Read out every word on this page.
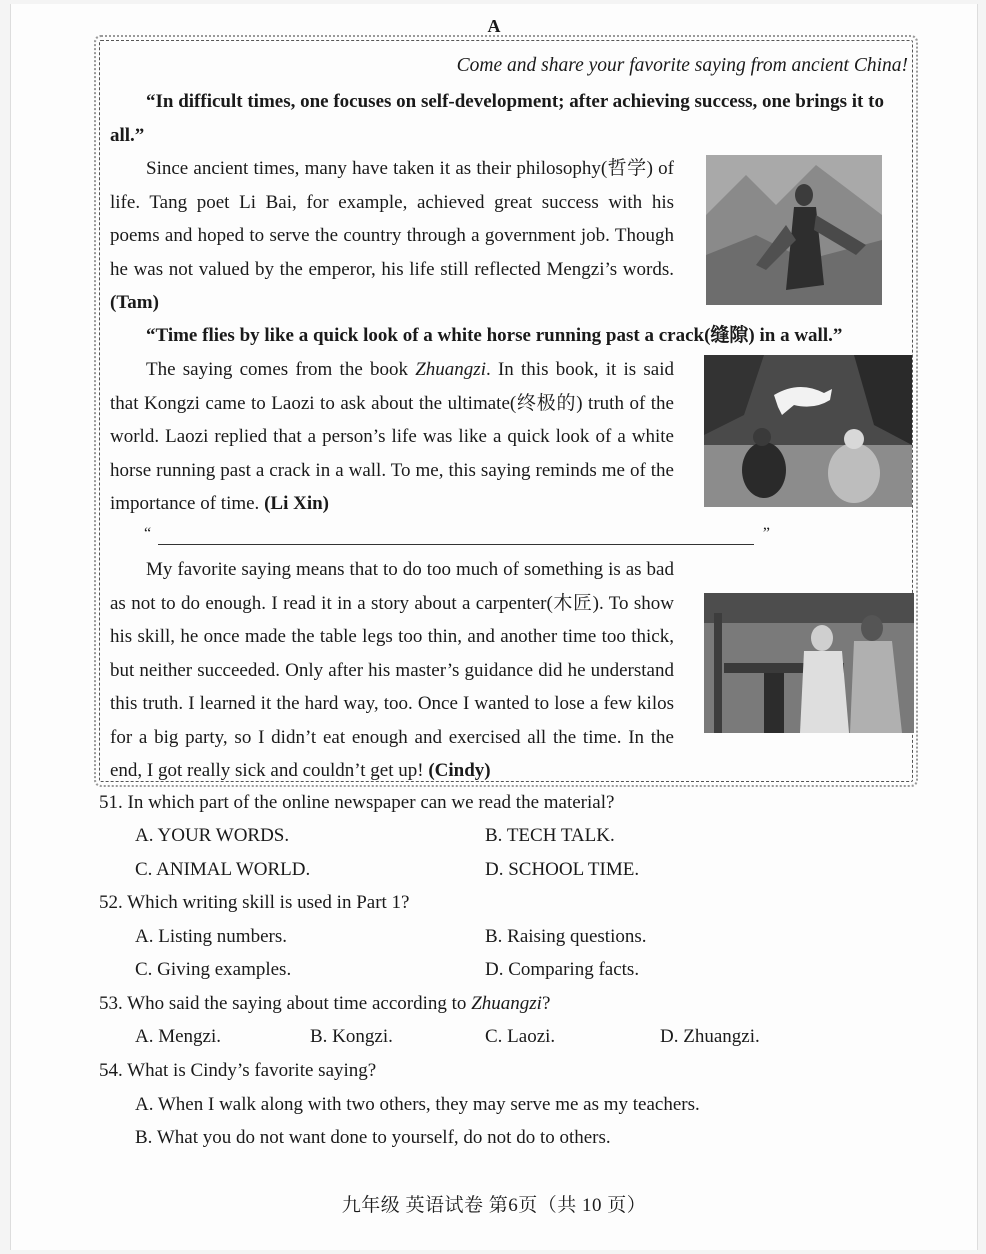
A
Come and share your favorite saying from ancient China!
“In difficult times, one focuses on self-development; after achieving success, one brings it to all.”
Since ancient times, many have taken it as their philosophy(哲学) of life. Tang poet Li Bai, for example, achieved great success with his poems and hoped to serve the country through a government job. Though he was not valued by the emperor, his life still reflected Mengzi’s words. (Tam)
“Time flies by like a quick look of a white horse running past a crack(缝隙) in a wall.”
The saying comes from the book Zhuangzi. In this book, it is said that Kongzi came to Laozi to ask about the ultimate(终极的) truth of the world. Laozi replied that a person’s life was like a quick look of a white horse running past a crack in a wall. To me, this saying reminds me of the importance of time. (Li Xin)
“	”
My favorite saying means that to do too much of something is as bad as not to do enough. I read it in a story about a carpenter(木匠). To show his skill, he once made the table legs too thin, and another time too thick, but neither succeeded. Only after his master’s guidance did he understand this truth. I learned it the hard way, too. Once I wanted to lose a few kilos for a big party, so I didn’t eat enough and exercised all the time. In the end, I got really sick and couldn’t get up! (Cindy)
51. In which part of the online newspaper can we read the material?
A. YOUR WORDS.	B. TECH TALK.
C. ANIMAL WORLD.	D. SCHOOL TIME.
52. Which writing skill is used in Part 1?
A. Listing numbers.	B. Raising questions.
C. Giving examples.	D. Comparing facts.
53. Who said the saying about time according to Zhuangzi?
A. Mengzi.	B. Kongzi.	C. Laozi.	D. Zhuangzi.
54. What is Cindy’s favorite saying?
A. When I walk along with two others, they may serve me as my teachers.
B. What you do not want done to yourself, do not do to others.
九年级 英语试卷 第6页（共 10 页）
